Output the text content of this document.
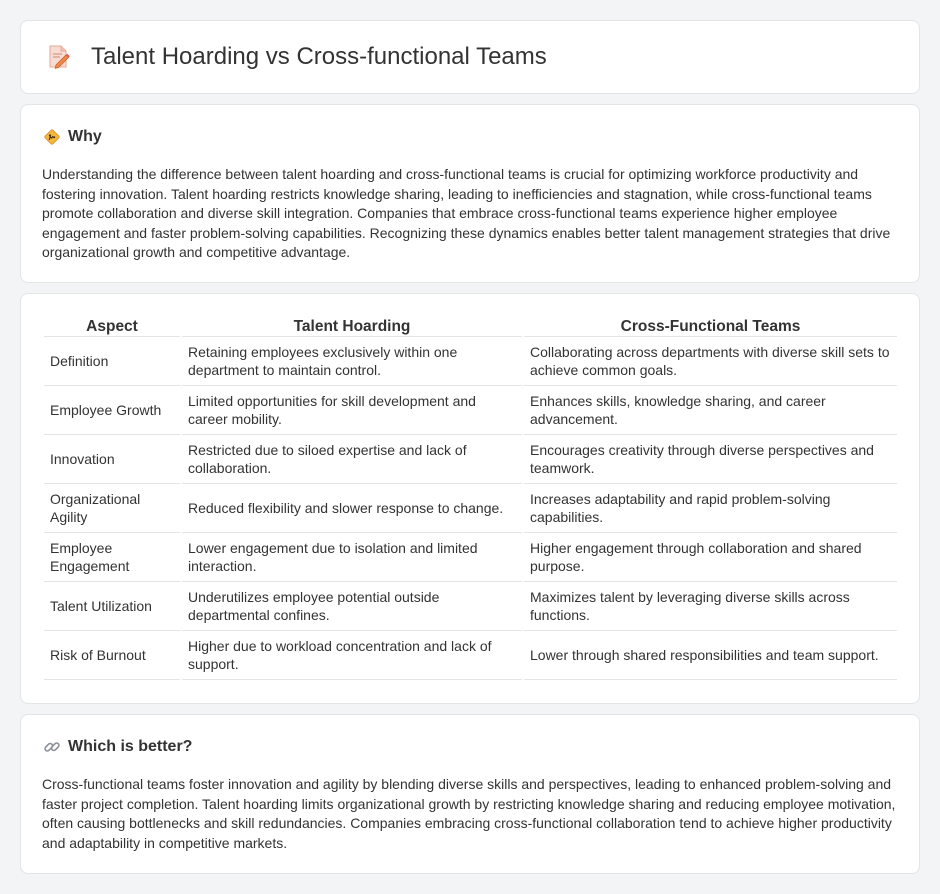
Talent Hoarding vs Cross-functional Teams
Why

Understanding the difference between talent hoarding and cross-functional teams is crucial for optimizing workforce productivity and fostering innovation. Talent hoarding restricts knowledge sharing, leading to inefficiencies and stagnation, while cross-functional teams promote collaboration and diverse skill integration. Companies that embrace cross-functional teams experience higher employee engagement and faster problem-solving capabilities. Recognizing these dynamics enables better talent management strategies that drive organizational growth and competitive advantage.

Aspect	Talent Hoarding	Cross-Functional Teams
Definition	Retaining employees exclusively within one department to maintain control.	Collaborating across departments with diverse skill sets to achieve common goals.
Employee Growth	Limited opportunities for skill development and career mobility.	Enhances skills, knowledge sharing, and career advancement.
Innovation	Restricted due to siloed expertise and lack of collaboration.	Encourages creativity through diverse perspectives and teamwork.
Organizational Agility	Reduced flexibility and slower response to change.	Increases adaptability and rapid problem-solving capabilities.
Employee Engagement	Lower engagement due to isolation and limited interaction.	Higher engagement through collaboration and shared purpose.
Talent Utilization	Underutilizes employee potential outside departmental confines.	Maximizes talent by leveraging diverse skills across functions.
Risk of Burnout	Higher due to workload concentration and lack of support.	Lower through shared responsibilities and team support.
Which is better?

Cross-functional teams foster innovation and agility by blending diverse skills and perspectives, leading to enhanced problem-solving and faster project completion. Talent hoarding limits organizational growth by restricting knowledge sharing and reducing employee motivation, often causing bottlenecks and skill redundancies. Companies embracing cross-functional collaboration tend to achieve higher productivity and adaptability in competitive markets.
